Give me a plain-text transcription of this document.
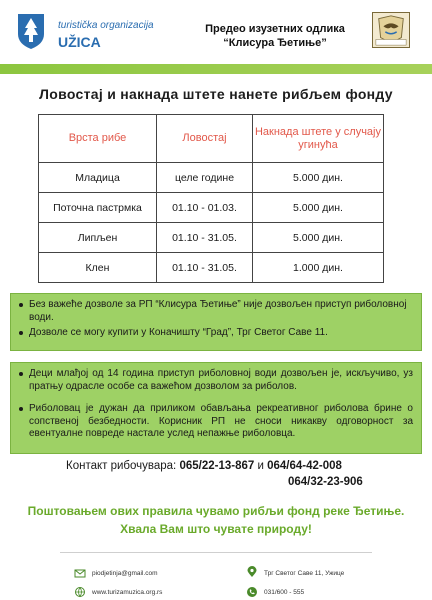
turistička organizacija
UŽICA
Предео изузетних одлика
“Клисура Ђетиње”
Ловостај и накнада штете нанете рибљем фонду
Врста рибе	Ловостај	Накнада штете у случају угинућа
Младица	целе године	5.000 дин.
Поточна пастрмка	01.10 - 01.03.	5.000 дин.
Липљен	01.10 - 31.05.	5.000 дин.
Клен	01.10 - 31.05.	1.000 дин.
Без важеће дозволе за РП “Клисура Ђетиње” није дозвољен приступ риболовној води.
Дозволе се могу купити у Коначишту “Град”, Трг Светог Саве 11.
Деци млађој од 14 година приступ риболовној води дозвољен је, искључиво, уз пратњу одрасле особе са важећом дозволом за риболов.
Риболовац је дужан да приликом обављања рекреативног риболова брине о сопственој безбедности. Корисник РП не сноси никакву одговорност за евентуалне повреде настале услед непажње риболовца.
Контакт рибочувара: 065/22-13-867 и 064/64-42-008
064/32-23-906
Поштовањем ових правила чувамо рибљи фонд реке Ђетиње.
Хвала Вам што чувате природу!
piodjetinja@gmail.com
www.turizamuzica.org.rs
Трг Светог Саве 11, Ужице
031/600 - 555
